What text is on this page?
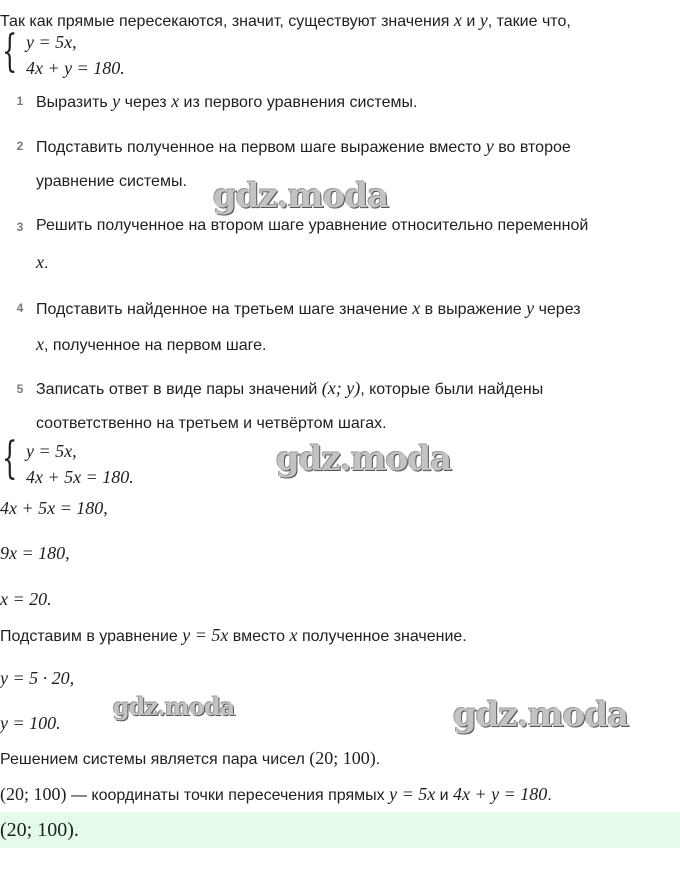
Так как прямые пересекаются, значит, существуют значения x и y, такие что,
{ y = 5x,
4x + y = 180.
1 Выразить y через x из первого уравнения системы.
2 Подставить полученное на первом шаге выражение вместо y во второе
уравнение системы.
3 Решить полученное на втором шаге уравнение относительно переменной
x.
4 Подставить найденное на третьем шаге значение x в выражение y через
x, полученное на первом шаге.
5 Записать ответ в виде пары значений (x; y), которые были найдены
соответственно на третьем и четвёртом шагах.
{ y = 5x,
4x + 5x = 180.
4x + 5x = 180,
9x = 180,
x = 20.
Подставим в уравнение y = 5x вместо x полученное значение.
y = 5 · 20,
y = 100.
Решением системы является пара чисел (20; 100).
(20; 100) — координаты точки пересечения прямых y = 5x и 4x + y = 180.
(20; 100).
gdz.moda
gdz.moda
gdz.moda	gdz.moda
